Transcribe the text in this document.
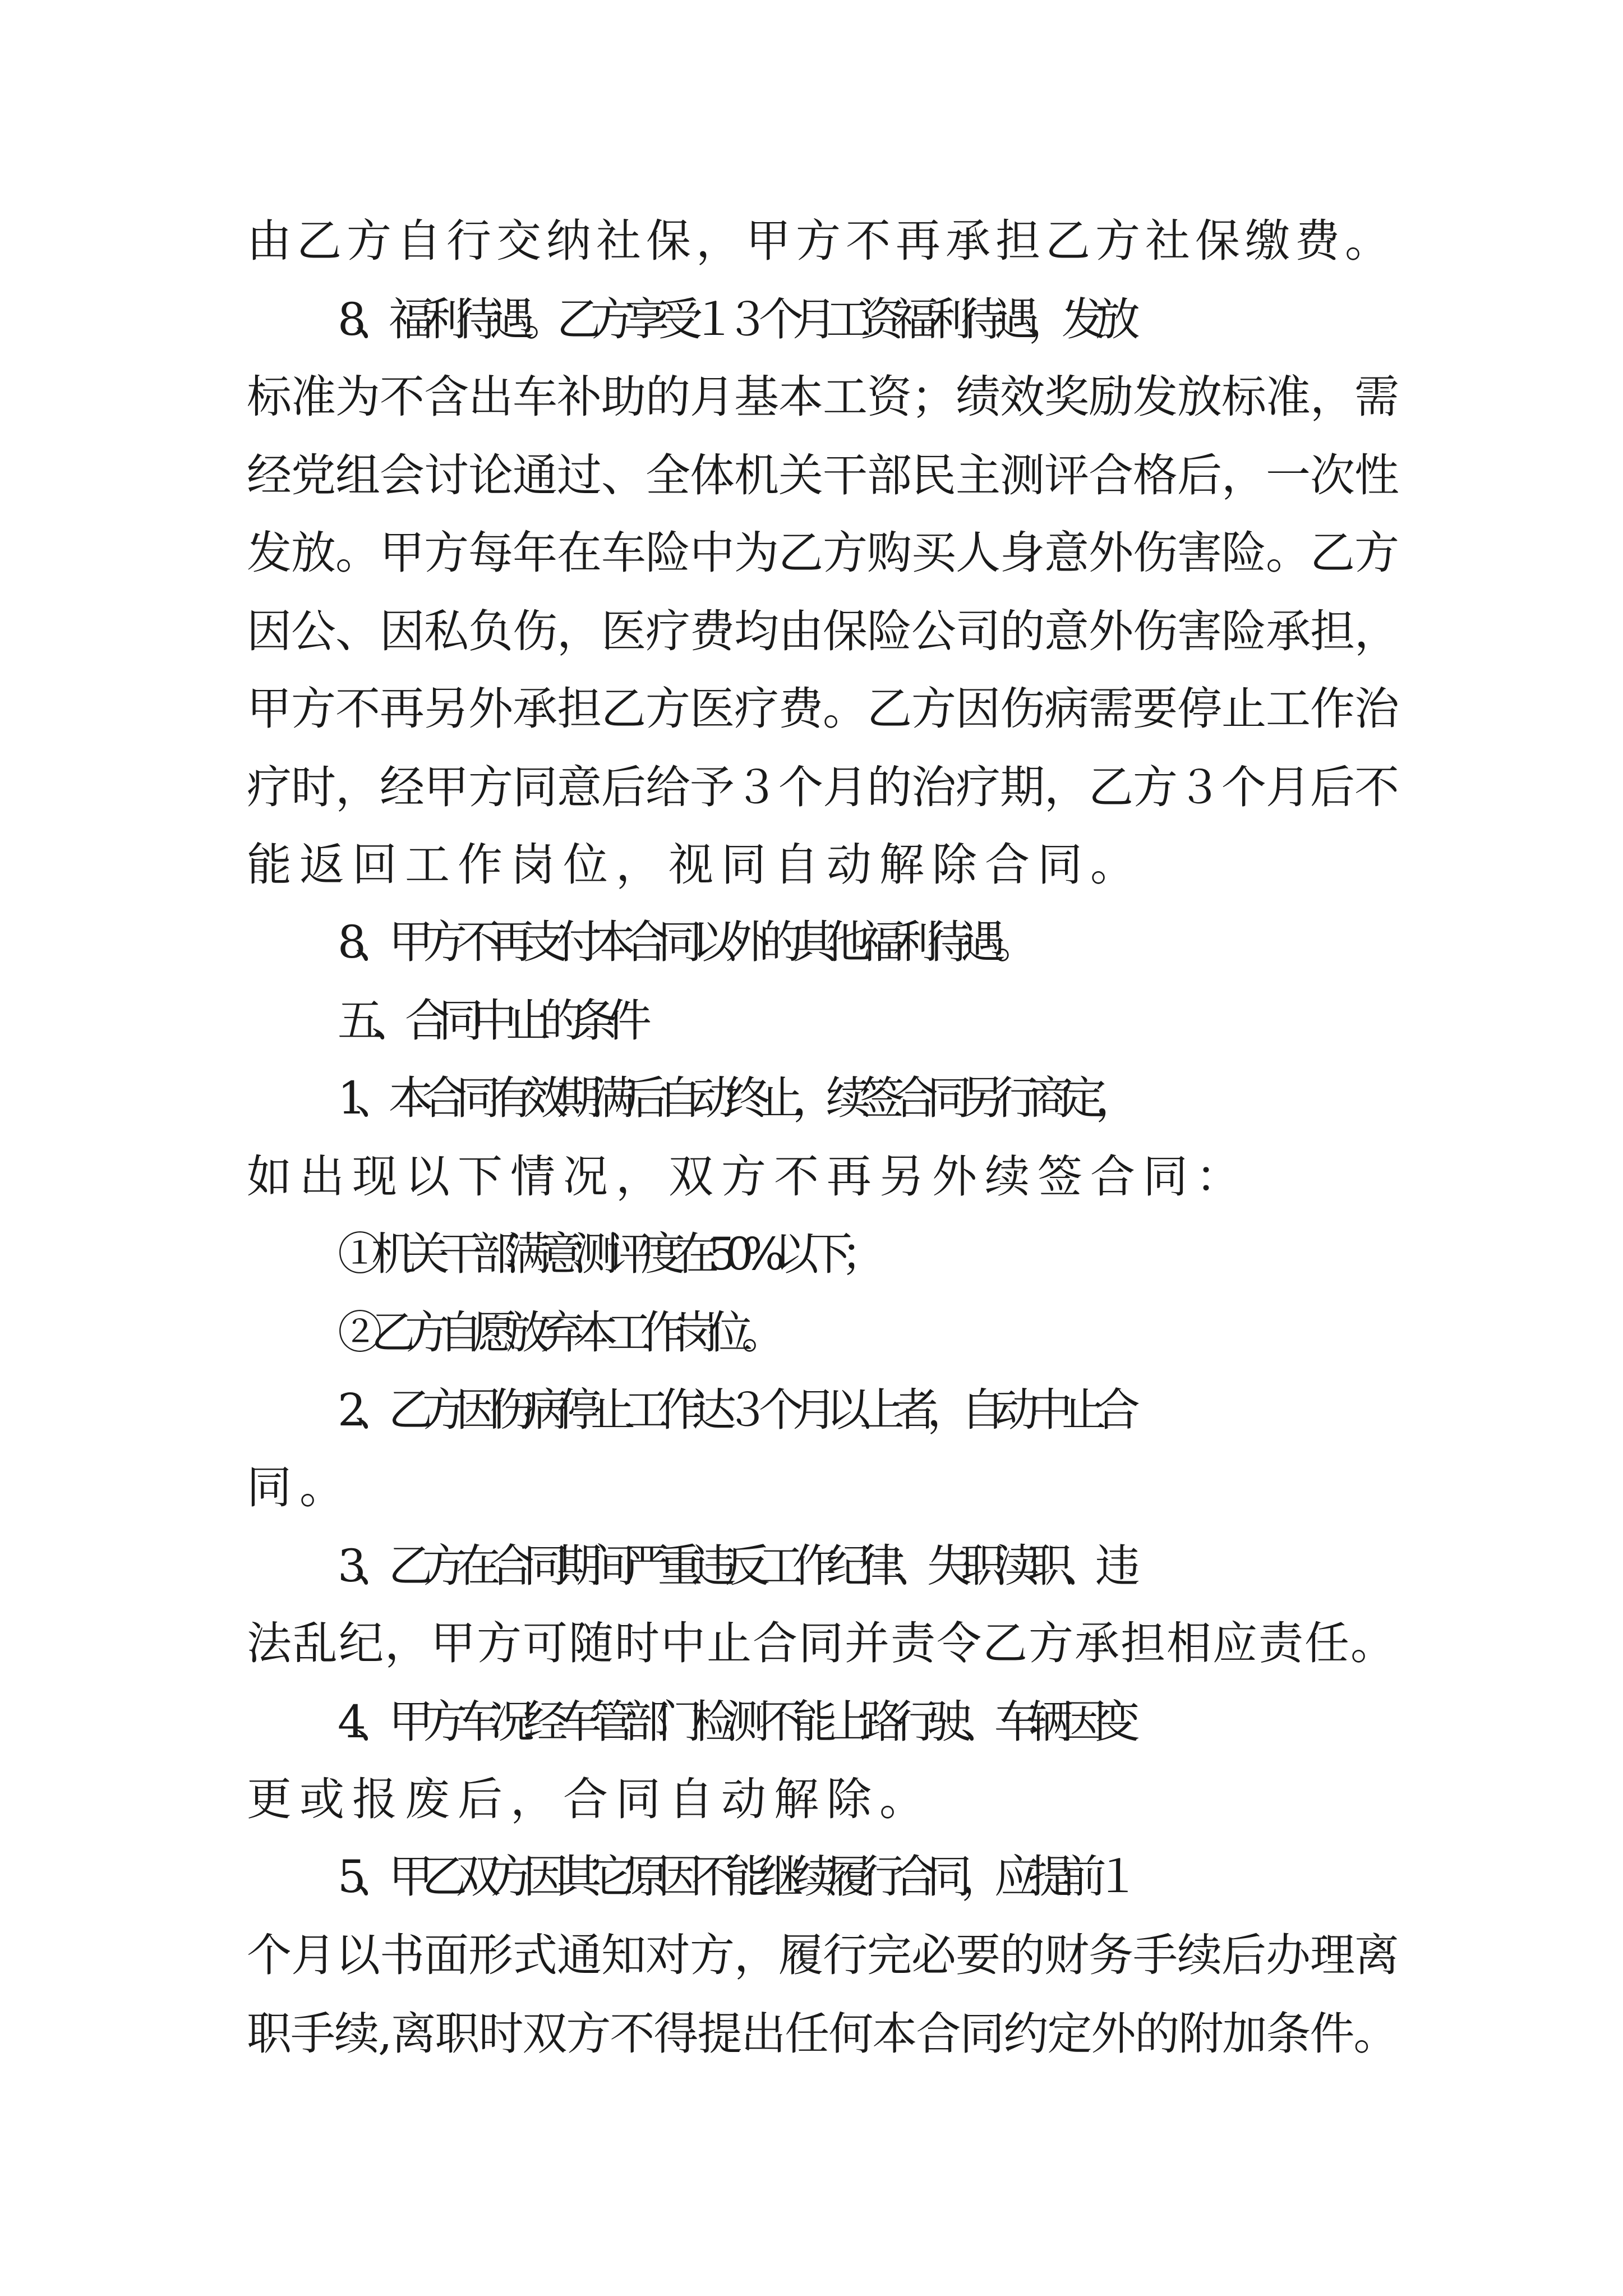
由乙方自行交纳社保，甲方不再承担乙方社保缴费。

8、福利待遇。乙方享受１３个月工资福利待遇，发放

标准为不含出车补助的月基本工资；绩效奖励发放标准，需

经党组会讨论通过、全体机关干部民主测评合格后，一次性

发放。甲方每年在车险中为乙方购买人身意外伤害险。乙方

因公、因私负伤，医疗费均由保险公司的意外伤害险承担，

甲方不再另外承担乙方医疗费。乙方因伤病需要停止工作治

疗时，经甲方同意后给予３个月的治疗期，乙方３个月后不

能返回工作岗位，视同自动解除合同。

8、甲方不再支付本合同以外的其他福利待遇。

五、合同中止的条件

1、本合同有效期满后自动终止，续签合同另行商定，

如出现以下情况，双方不再另外续签合同：

①机关干部满意测评度在50%以下；

②乙方自愿放弃本工作岗位。

2、乙方因伤病停止工作达３个月以上者，自动中止合

同。

3、乙方在合同期间严重违反工作纪律、失职渎职、违

法乱纪，甲方可随时中止合同并责令乙方承担相应责任。

4、甲方车况经车管部门检测不能上路行驶、车辆因变

更或报废后，合同自动解除。

5、甲乙双方因其它原因不能继续履行合同，应提前１

个月以书面形式通知对方，履行完必要的财务手续后办理离

职手续,离职时双方不得提出任何本合同约定外的附加条件。
